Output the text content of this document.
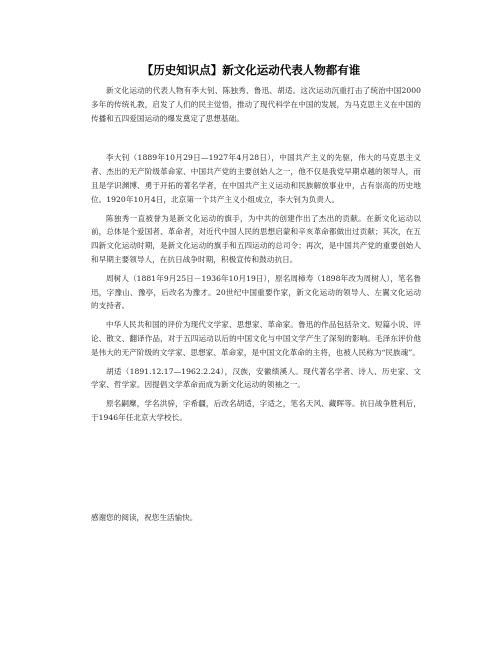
【历史知识点】新文化运动代表人物都有谁

新文化运动的代表人物有李大钊、陈独秀、鲁迅、胡适。这次运动沉重打击了统治中国2000多年的传统礼教，启发了人们的民主觉悟，推动了现代科学在中国的发展，为马克思主义在中国的传播和五四爱国运动的爆发奠定了思想基础。

李大钊（1889年10月29日—1927年4月28日），中国共产主义的先驱，伟大的马克思主义者、杰出的无产阶级革命家、中国共产党的主要创始人之一，他不仅是我党早期卓越的领导人，而且是学识渊博、勇于开拓的著名学者，在中国共产主义运动和民族解放事业中，占有崇高的历史地位。1920年10月4日，北京第一个共产主义小组成立，李大钊为负责人。

陈独秀一直被誉为是新文化运动的旗手，为中共的创建作出了杰出的贡献。在新文化运动以前，总体是个爱国者、革命者，对近代中国人民的思想启蒙和辛亥革命都做出过贡献；其次，在五四新文化运动时期，是新文化运动的旗手和五四运动的总司令；再次，是中国共产党的重要创始人和早期主要领导人，在抗日战争时期，积极宣传和鼓动抗日。

周树人（1881年9月25日－1936年10月19日），原名周樟寿（1898年改为周树人），笔名鲁迅，字豫山、豫亭，后改名为豫才。20世纪中国重要作家，新文化运动的领导人、左翼文化运动的支持者。

中华人民共和国的评价为现代文学家、思想家、革命家。鲁迅的作品包括杂文、短篇小说、评论、散文、翻译作品，对于五四运动以后的中国文化与中国文学产生了深刻的影响。毛泽东评价他是伟大的无产阶级的文学家、思想家、革命家，是中国文化革命的主将，也被人民称为“民族魂”。

胡适（1891.12.17—1962.2.24），汉族，安徽绩溪人。现代著名学者、诗人、历史家、文学家、哲学家。因提倡文学革命而成为新文化运动的领袖之一。

原名嗣穈，学名洪骍，字希疆，后改名胡适，字适之，笔名天风、藏晖等。抗日战争胜利后，于1946年任北京大学校长。

感谢您的阅读，祝您生活愉快。
